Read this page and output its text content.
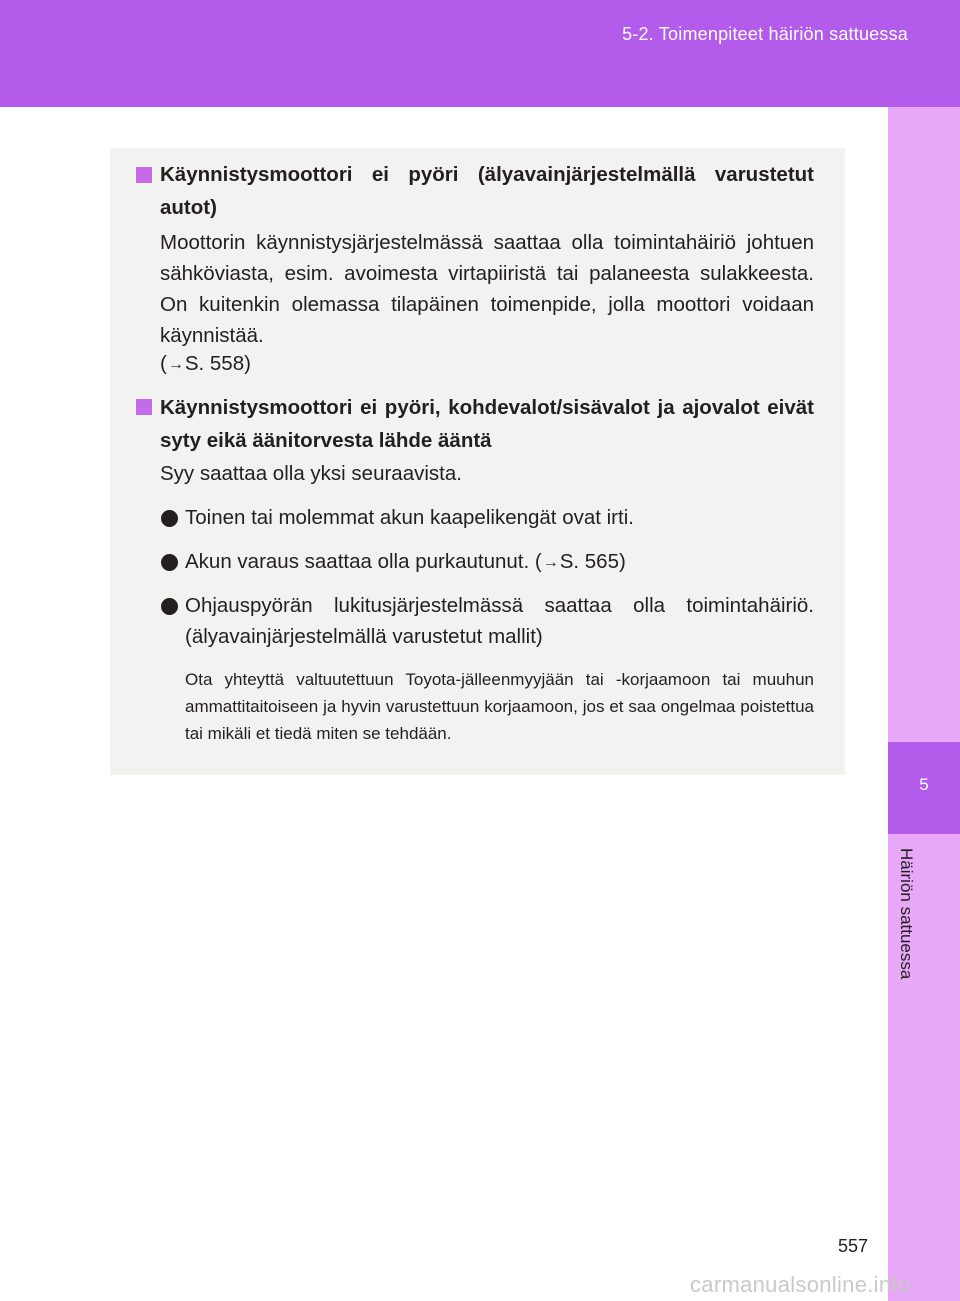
5-2. Toimenpiteet häiriön sattuessa
5
Häiriön sattuessa
Käynnistysmoottori ei pyöri (älyavainjärjestelmällä varustetut autot)
Moottorin käynnistysjärjestelmässä saattaa olla toimintahäiriö johtuen sähköviasta, esim. avoimesta virtapiiristä tai palaneesta sulakkeesta. On kuitenkin olemassa tilapäinen toimenpide, jolla moottori voidaan käynnistää.
(→S. 558)
Käynnistysmoottori ei pyöri, kohdevalot/sisävalot ja ajovalot eivät syty eikä äänitorvesta lähde ääntä
Syy saattaa olla yksi seuraavista.
Toinen tai molemmat akun kaapelikengät ovat irti.
Akun varaus saattaa olla purkautunut. (→S. 565)
Ohjauspyörän lukitusjärjestelmässä saattaa olla toimintahäiriö. (älyavainjärjestelmällä varustetut mallit)
Ota yhteyttä valtuutettuun Toyota-jälleenmyyjään tai -korjaamoon tai muuhun ammattitaitoiseen ja hyvin varustettuun korjaamoon, jos et saa ongelmaa poistettua tai mikäli et tiedä miten se tehdään.
557
carmanualsonline.info
